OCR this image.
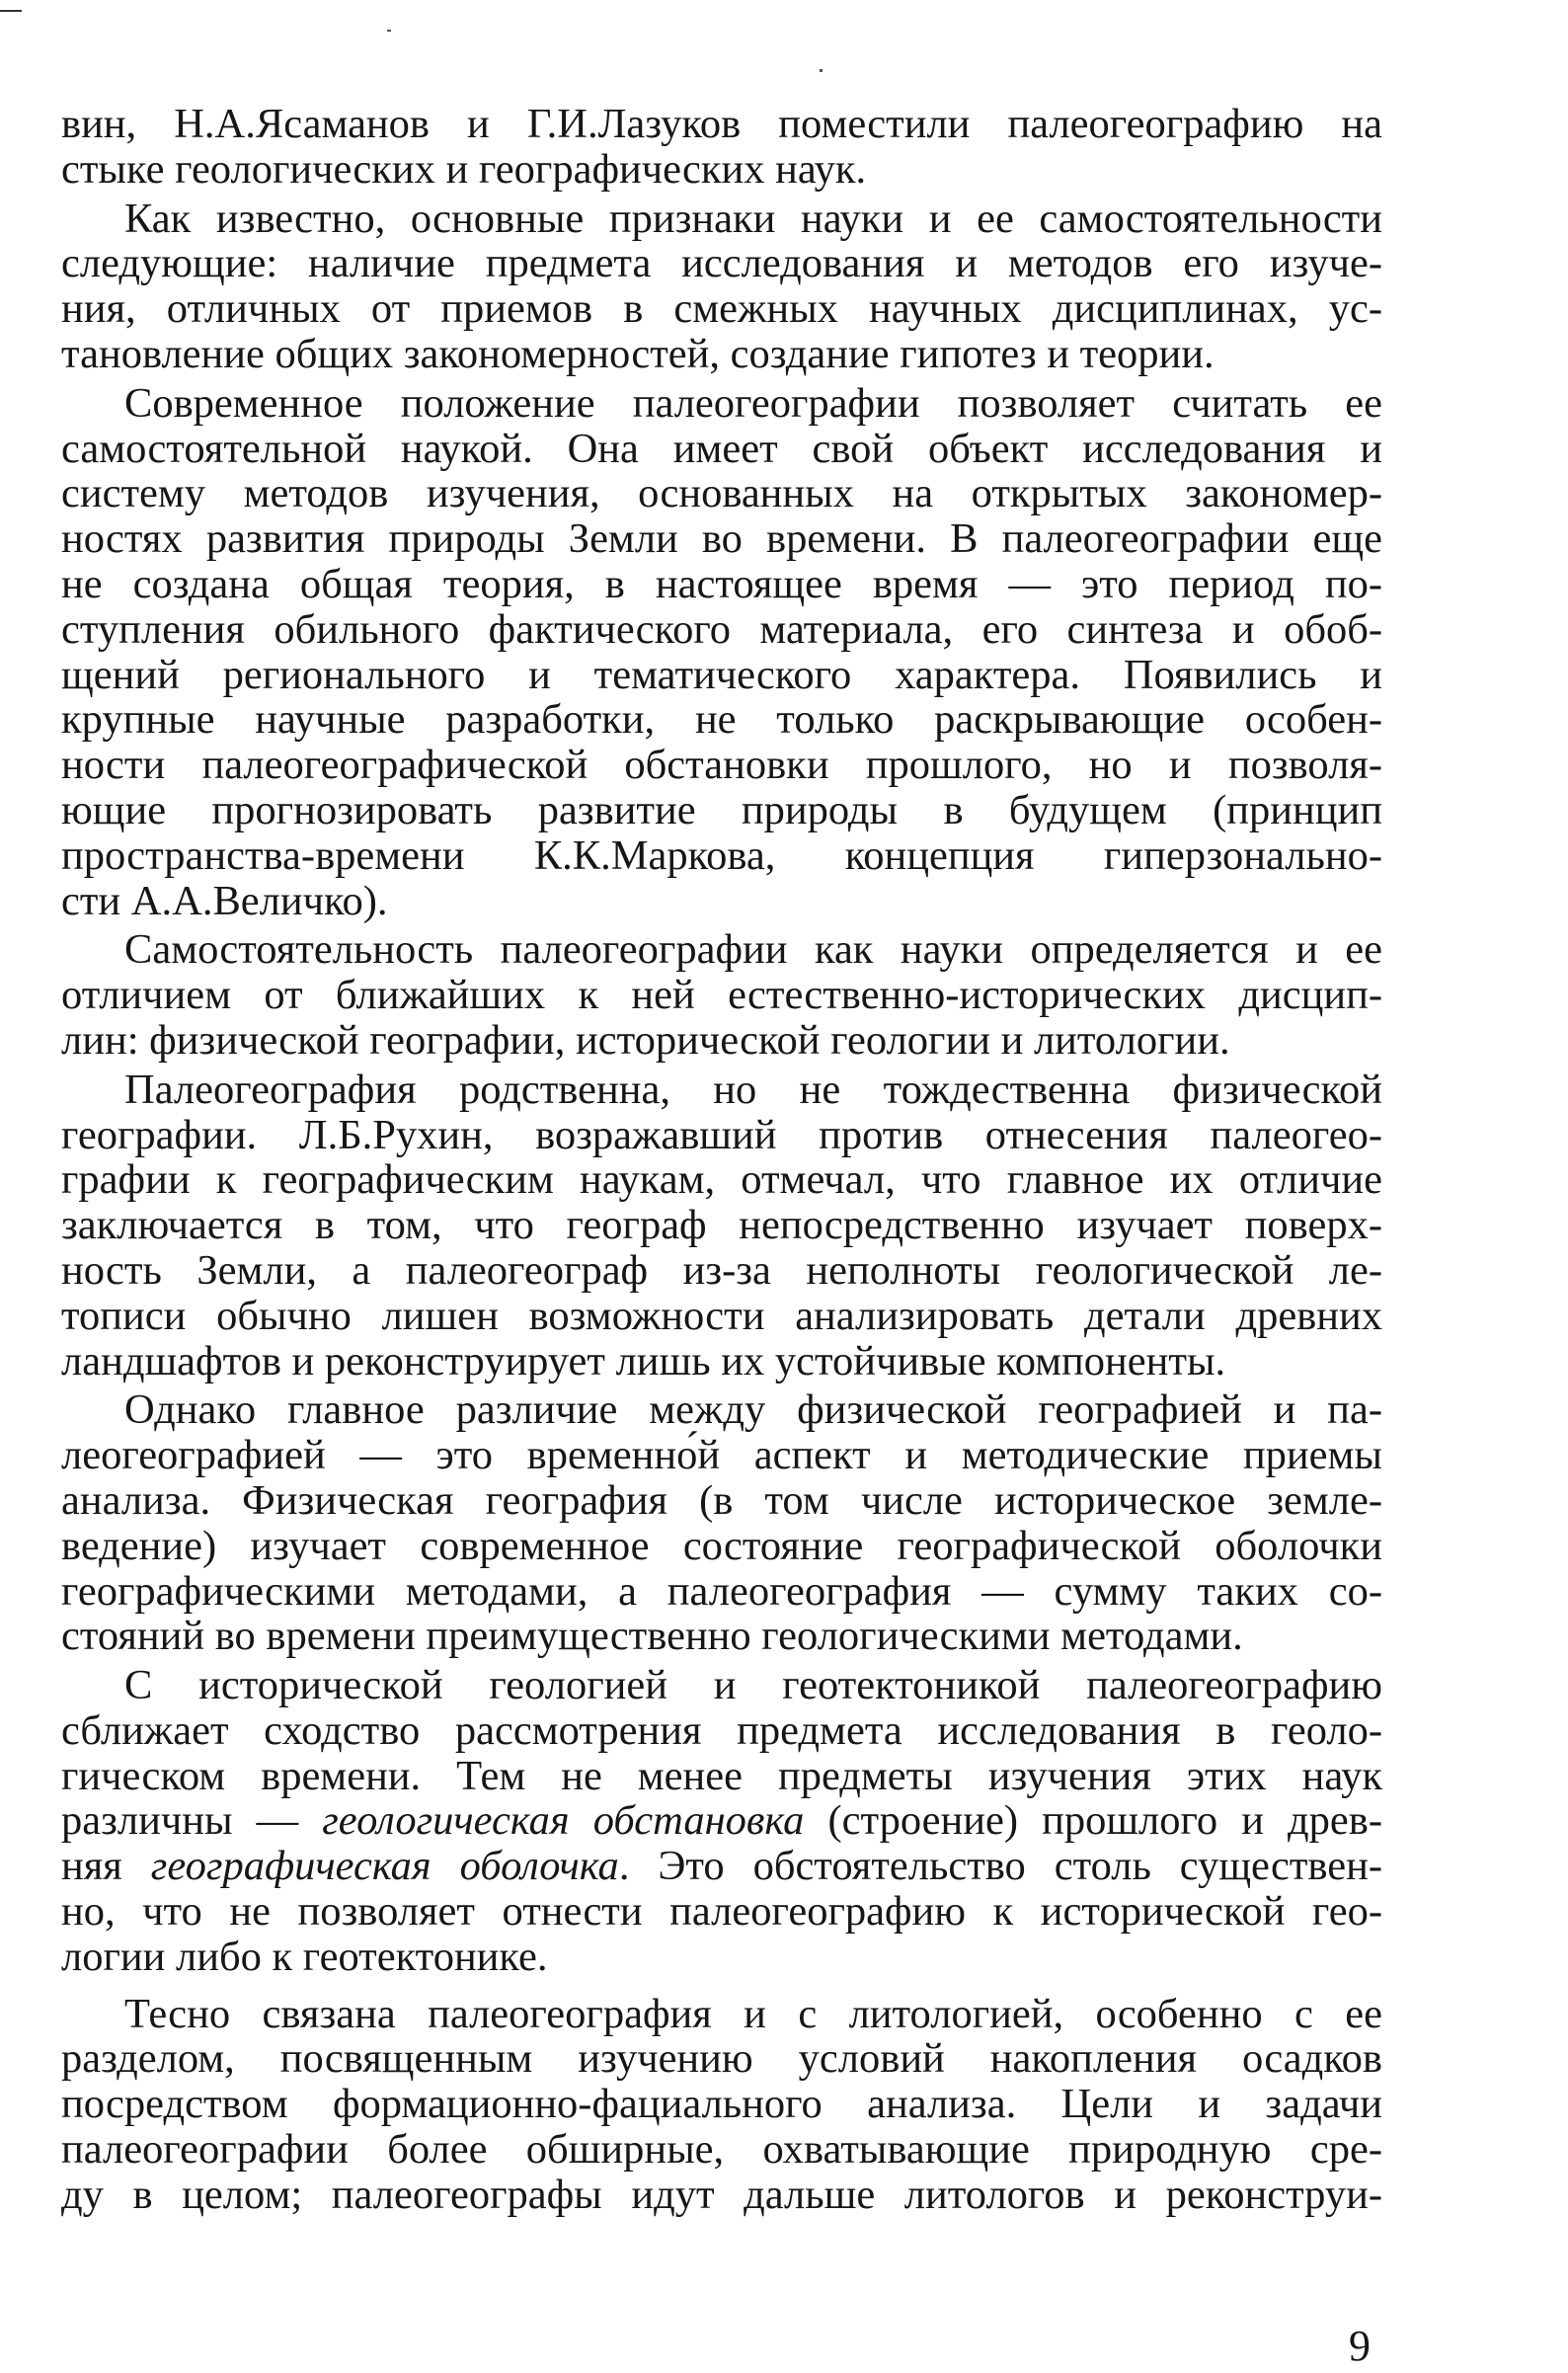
вин, Н.А.Ясаманов и Г.И.Лазуков поместили палеогеографию на
стыке геологических и географических наук.
Как известно, основные признаки науки и ее самостоятельности
следующие: наличие предмета исследования и методов его изуче-
ния, отличных от приемов в смежных научных дисциплинах, ус-
тановление общих закономерностей, создание гипотез и теории.
Современное положение палеогеографии позволяет считать ее
самостоятельной наукой. Она имеет свой объект исследования и
систему методов изучения, основанных на открытых закономер-
ностях развития природы Земли во времени. В палеогеографии еще
не создана общая теория, в настоящее время — это период по-
ступления обильного фактического материала, его синтеза и обоб-
щений регионального и тематического характера. Появились и
крупные научные разработки, не только раскрывающие особен-
ности палеогеографической обстановки прошлого, но и позволя-
ющие прогнозировать развитие природы в будущем (принцип
пространства-времени К.К.Маркова, концепция гиперзонально-
сти А.А.Величко).
Самостоятельность палеогеографии как науки определяется и ее
отличием от ближайших к ней естественно-исторических дисцип-
лин: физической географии, исторической геологии и литологии.
Палеогеография родственна, но не тождественна физической
географии. Л.Б.Рухин, возражавший против отнесения палеогео-
графии к географическим наукам, отмечал, что главное их отличие
заключается в том, что географ непосредственно изучает поверх-
ность Земли, а палеогеограф из-за неполноты геологической ле-
тописи обычно лишен возможности анализировать детали древних
ландшафтов и реконструирует лишь их устойчивые компоненты.
Однако главное различие между физической географией и па-
леогеографией — это временно́й аспект и методические приемы
анализа. Физическая география (в том числе историческое земле-
ведение) изучает современное состояние географической оболочки
географическими методами, а палеогеография — сумму таких со-
стояний во времени преимущественно геологическими методами.
С исторической геологией и геотектоникой палеогеографию
сближает сходство рассмотрения предмета исследования в геоло-
гическом времени. Тем не менее предметы изучения этих наук
различны — геологическая обстановка (строение) прошлого и древ-
няя географическая оболочка. Это обстоятельство столь существен-
но, что не позволяет отнести палеогеографию к исторической гео-
логии либо к геотектонике.
Тесно связана палеогеография и с литологией, особенно с ее
разделом, посвященным изучению условий накопления осадков
посредством формационно-фациального анализа. Цели и задачи
палеогеографии более обширные, охватывающие природную сре-
ду в целом; палеогеографы идут дальше литологов и реконструи-
9
